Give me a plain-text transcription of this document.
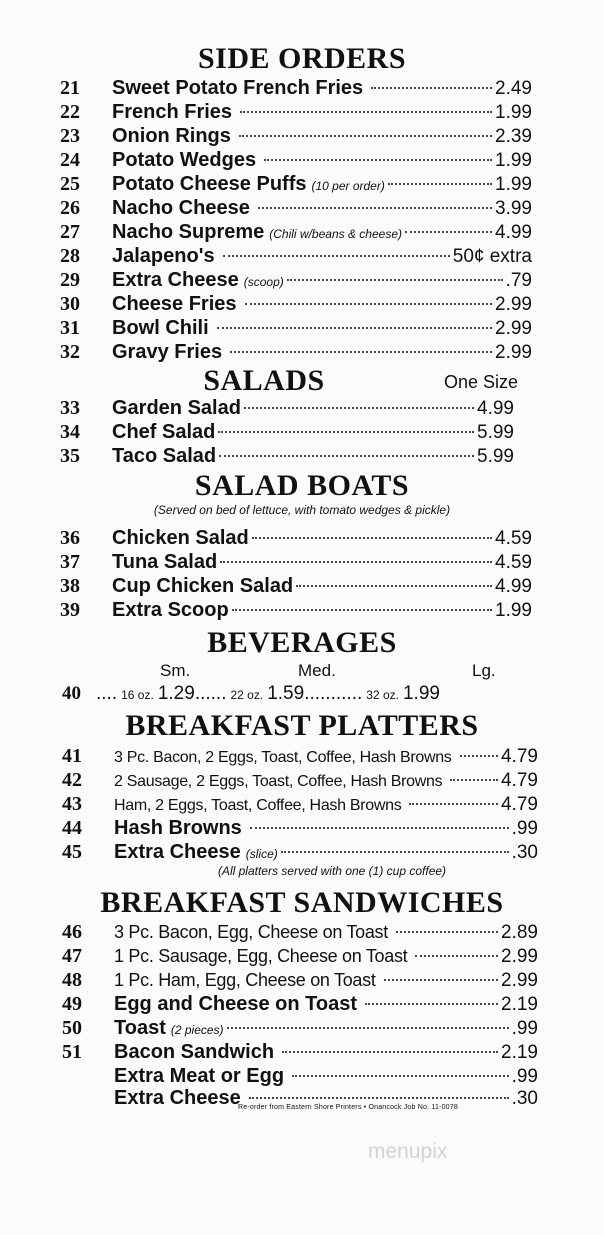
SIDE ORDERS
21	Sweet Potato French Fries	2.49
22	French Fries	1.99
23	Onion Rings	2.39
24	Potato Wedges	1.99
25	Potato Cheese Puffs (10 per order)	1.99
26	Nacho Cheese	3.99
27	Nacho Supreme (Chili w/beans & cheese)	4.99
28	Jalapeno's	50¢ extra
29	Extra Cheese (scoop)	.79
30	Cheese Fries	2.99
31	Bowl Chili	2.99
32	Gravy Fries	2.99
SALADS	One Size
33	Garden Salad	4.99
34	Chef Salad	5.99
35	Taco Salad	5.99
SALAD BOATS
(Served on bed of lettuce, with tomato wedges & pickle)
36	Chicken Salad	4.59
37	Tuna Salad	4.59
38	Cup Chicken Salad	4.99
39	Extra Scoop	1.99
BEVERAGES
Sm.	Med.	Lg.
40 .... 16 oz. 1.29 ...... 22 oz. 1.59 ........... 32 oz. 1.99
BREAKFAST PLATTERS
41	3 Pc. Bacon, 2 Eggs, Toast, Coffee, Hash Browns	4.79
42	2 Sausage, 2 Eggs, Toast, Coffee, Hash Browns	4.79
43	Ham, 2 Eggs, Toast, Coffee, Hash Browns	4.79
44	Hash Browns	.99
45	Extra Cheese (slice)	.30
(All platters served with one (1) cup coffee)
BREAKFAST SANDWICHES
46	3 Pc. Bacon, Egg, Cheese on Toast	2.89
47	1 Pc. Sausage, Egg, Cheese on Toast	2.99
48	1 Pc. Ham, Egg, Cheese on Toast	2.99
49	Egg and Cheese on Toast	2.19
50	Toast (2 pieces)	.99
51	Bacon Sandwich	2.19
Extra Meat or Egg	.99
Extra Cheese	.30
Re-order from Eastern Shore Printers • Onancock Job No. 11-0078
menupix
